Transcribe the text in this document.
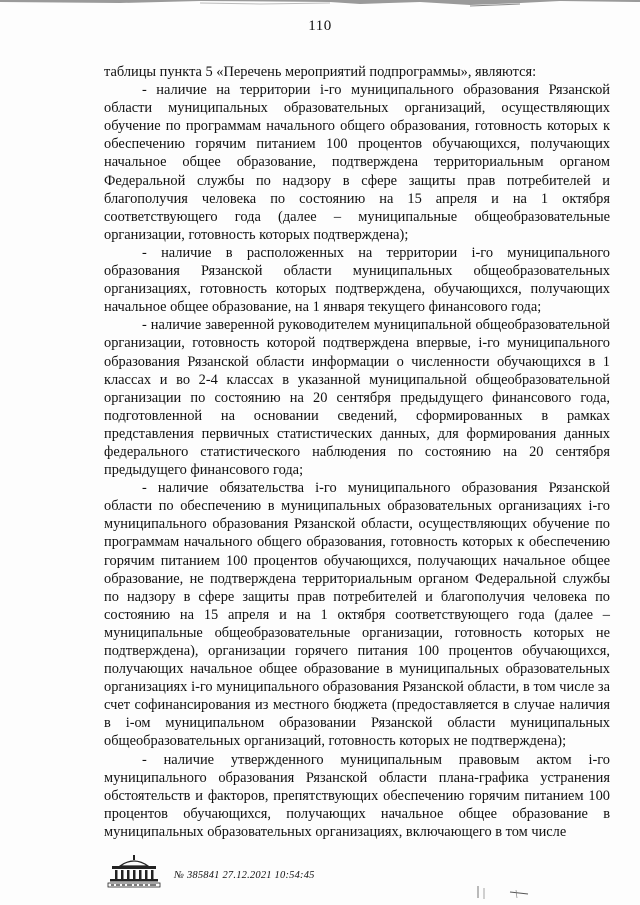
110

таблицы пункта 5 «Перечень мероприятий подпрограммы», являются:

- наличие на территории i-го муниципального образования Рязанской области муниципальных образовательных организаций, осуществляющих обучение по программам начального общего образования, готовность которых к обеспечению горячим питанием 100 процентов обучающихся, получающих начальное общее образование, подтверждена территориальным органом Федеральной службы по надзору в сфере защиты прав потребителей и благополучия человека по состоянию на 15 апреля и на 1 октября соответствующего года (далее – муниципальные общеобразовательные организации, готовность которых подтверждена);

- наличие в расположенных на территории i-го муниципального образования Рязанской области муниципальных общеобразовательных организациях, готовность которых подтверждена, обучающихся, получающих начальное общее образование, на 1 января текущего финансового года;

- наличие заверенной руководителем муниципальной общеобразовательной организации, готовность которой подтверждена впервые, i-го муниципального образования Рязанской области информации о численности обучающихся в 1 классах и во 2-4 классах в указанной муниципальной общеобразовательной организации по состоянию на 20 сентября предыдущего финансового года, подготовленной на основании сведений, сформированных в рамках представления первичных статистических данных, для формирования данных федерального статистического наблюдения по состоянию на 20 сентября предыдущего финансового года;

- наличие обязательства i-го муниципального образования Рязанской области по обеспечению в муниципальных образовательных организациях i-го муниципального образования Рязанской области, осуществляющих обучение по программам начального общего образования, готовность которых к обеспечению горячим питанием 100 процентов обучающихся, получающих начальное общее образование, не подтверждена территориальным органом Федеральной службы по надзору в сфере защиты прав потребителей и благополучия человека по состоянию на 15 апреля и на 1 октября соответствующего года (далее – муниципальные общеобразовательные организации, готовность которых не подтверждена), организации горячего питания 100 процентов обучающихся, получающих начальное общее образование в муниципальных образовательных организациях i-го муниципального образования Рязанской области, в том числе за счет софинансирования из местного бюджета (предоставляется в случае наличия в i-ом муниципальном образовании Рязанской области муниципальных общеобразовательных организаций, готовность которых не подтверждена);

- наличие утвержденного муниципальным правовым актом i-го муниципального образования Рязанской области плана-графика устранения обстоятельств и факторов, препятствующих обеспечению горячим питанием 100 процентов обучающихся, получающих начальное общее образование в муниципальных образовательных организациях, включающего в том числе

№ 385841 27.12.2021 10:54:45
